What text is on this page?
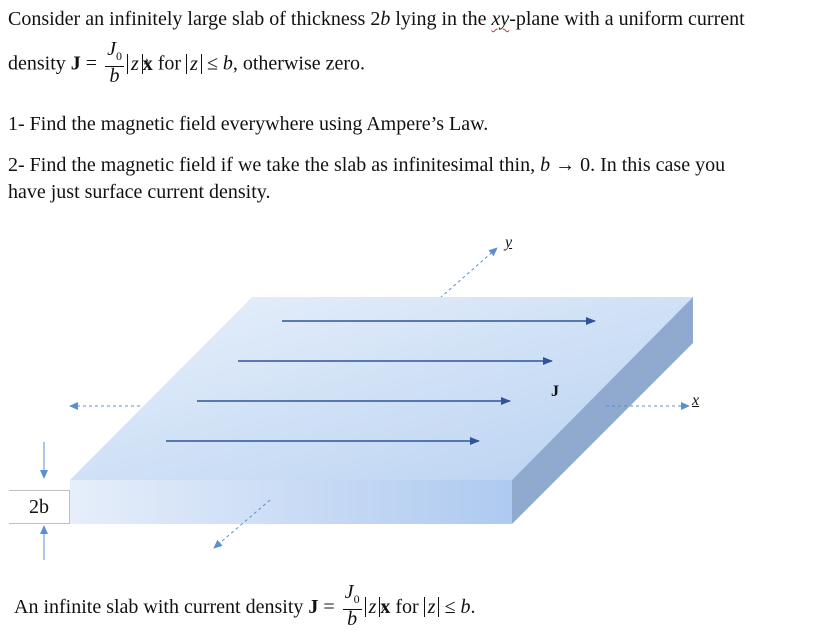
Consider an infinitely large slab of thickness 2b lying in the xy-plane with a uniform current
density $J = \frac{J_0}{b}$ z ^ x for z ≤ b, otherwise zero.
1- Find the magnetic field everywhere using Ampere’s Law.
2- Find the magnetic field if we take the slab as infinitesimal thin, b → 0. In this case you
have just surface current density.
2b
y
x
J
An infinite slab with current density $J = \frac{J_0}{b}$ z ^ x for z ≤ b.
